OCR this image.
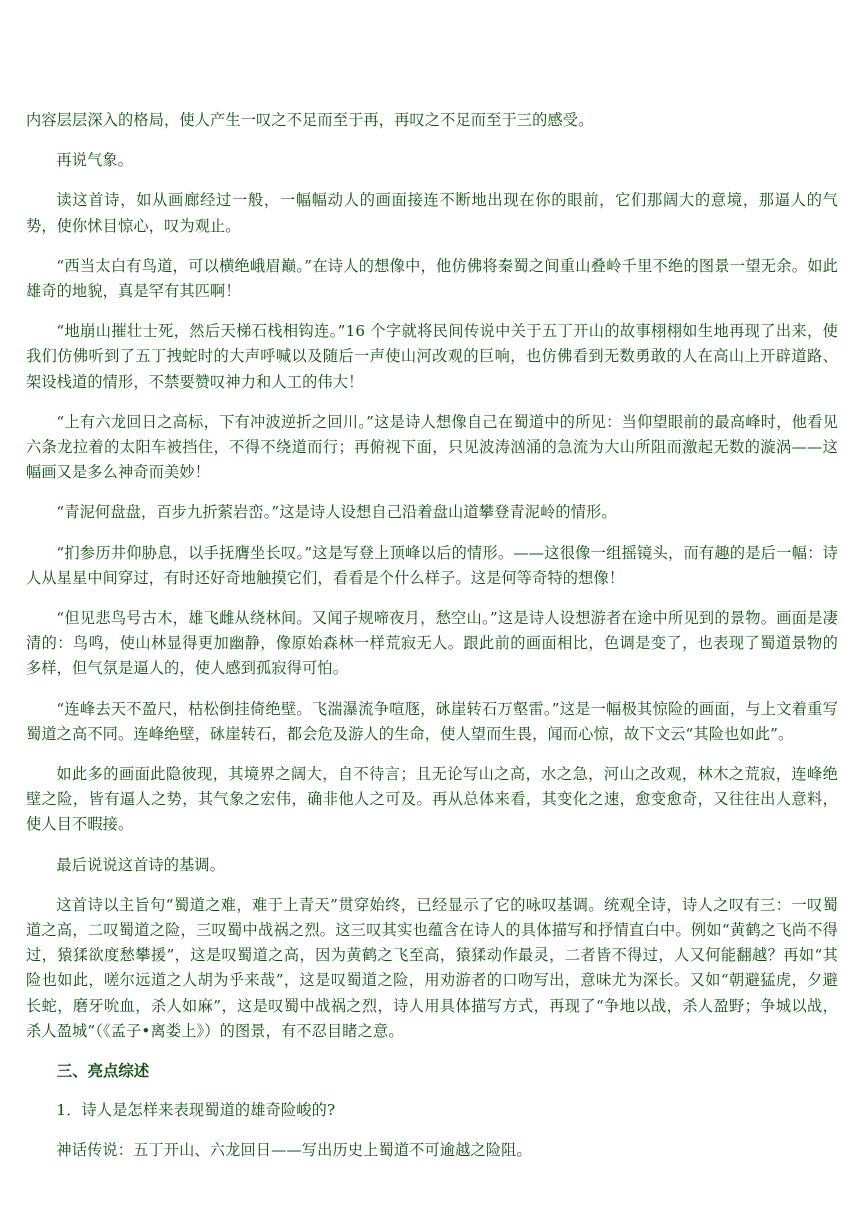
内容层层深入的格局，使人产生一叹之不足而至于再，再叹之不足而至于三的感受。

再说气象。

读这首诗，如从画廊经过一般，一幅幅动人的画面接连不断地出现在你的眼前，它们那阔大的意境，那逼人的气势，使你怵目惊心，叹为观止。

“西当太白有鸟道，可以横绝峨眉巅。”在诗人的想像中，他仿佛将秦蜀之间重山叠岭千里不绝的图景一望无余。如此雄奇的地貌，真是罕有其匹啊！

“地崩山摧壮士死，然后天梯石栈相钩连。”16 个字就将民间传说中关于五丁开山的故事栩栩如生地再现了出来，使我们仿佛听到了五丁拽蛇时的大声呼喊以及随后一声使山河改观的巨响，也仿佛看到无数勇敢的人在高山上开辟道路、架设栈道的情形，不禁要赞叹神力和人工的伟大！

“上有六龙回日之高标，下有冲波逆折之回川。”这是诗人想像自己在蜀道中的所见：当仰望眼前的最高峰时，他看见六条龙拉着的太阳车被挡住，不得不绕道而行；再俯视下面，只见波涛汹涌的急流为大山所阻而激起无数的漩涡——这幅画又是多么神奇而美妙！

“青泥何盘盘，百步九折萦岩峦。”这是诗人设想自己沿着盘山道攀登青泥岭的情形。

“扪参历井仰胁息，以手抚膺坐长叹。”这是写登上顶峰以后的情形。——这很像一组摇镜头，而有趣的是后一幅：诗人从星星中间穿过，有时还好奇地触摸它们，看看是个什么样子。这是何等奇特的想像！

“但见悲鸟号古木，雄飞雌从绕林间。又闻子规啼夜月，愁空山。”这是诗人设想游者在途中所见到的景物。画面是凄清的：鸟鸣，使山林显得更加幽静，像原始森林一样荒寂无人。跟此前的画面相比，色调是变了，也表现了蜀道景物的多样，但气氛是逼人的，使人感到孤寂得可怕。

“连峰去天不盈尺，枯松倒挂倚绝壁。飞湍瀑流争喧豗，砯崖转石万壑雷。”这是一幅极其惊险的画面，与上文着重写蜀道之高不同。连峰绝壁，砯崖转石，都会危及游人的生命，使人望而生畏，闻而心惊，故下文云“其险也如此”。

如此多的画面此隐彼现，其境界之阔大，自不待言；且无论写山之高，水之急，河山之改观，林木之荒寂，连峰绝壁之险，皆有逼人之势，其气象之宏伟，确非他人之可及。再从总体来看，其变化之速，愈变愈奇，又往往出人意料，使人目不暇接。

最后说说这首诗的基调。

这首诗以主旨句“蜀道之难，难于上青天”贯穿始终，已经显示了它的咏叹基调。统观全诗，诗人之叹有三：一叹蜀道之高，二叹蜀道之险，三叹蜀中战祸之烈。这三叹其实也蕴含在诗人的具体描写和抒情直白中。例如“黄鹤之飞尚不得过，猿猱欲度愁攀援”，这是叹蜀道之高，因为黄鹤之飞至高，猿猱动作最灵，二者皆不得过，人又何能翻越？再如“其险也如此，嗟尔远道之人胡为乎来哉”，这是叹蜀道之险，用劝游者的口吻写出，意味尤为深长。又如“朝避猛虎，夕避长蛇，磨牙吮血，杀人如麻”，这是叹蜀中战祸之烈，诗人用具体描写方式，再现了“争地以战，杀人盈野；争城以战，杀人盈城”（《孟子•离娄上》）的图景，有不忍目睹之意。

三、亮点综述

1．诗人是怎样来表现蜀道的雄奇险峻的?

神话传说：五丁开山、六龙回日——写出历史上蜀道不可逾越之险阻。
